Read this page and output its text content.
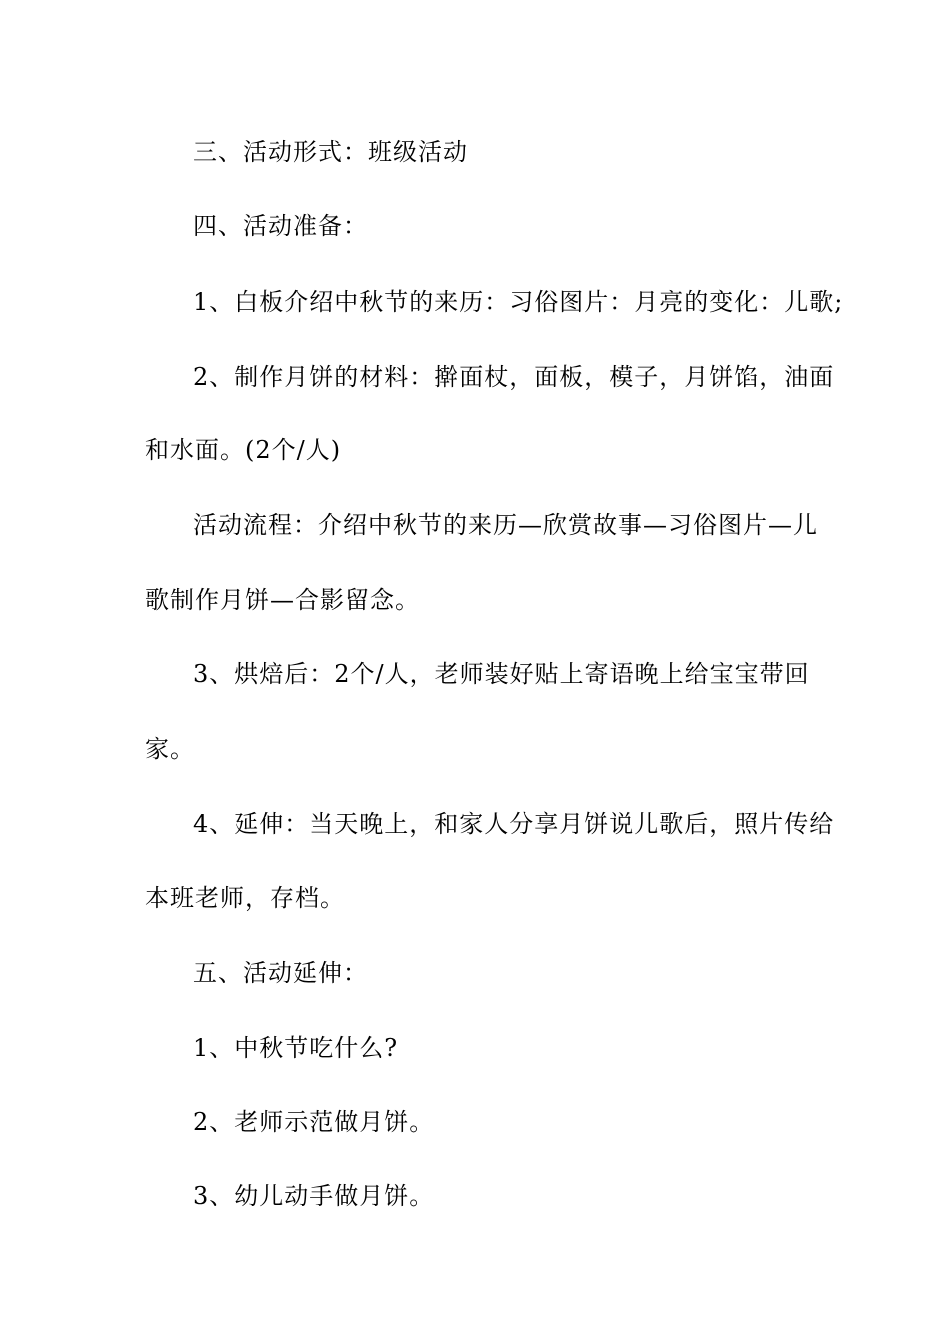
三、活动形式：班级活动
四、活动准备：
1、白板介绍中秋节的来历：习俗图片：月亮的变化：儿歌;
2、制作月饼的材料：擀面杖，面板，模子，月饼馅，油面
和水面。(2个/人)
活动流程：介绍中秋节的来历—欣赏故事—习俗图片—儿
歌制作月饼—合影留念。
3、烘焙后：2个/人，老师装好贴上寄语晚上给宝宝带回
家。
4、延伸：当天晚上，和家人分享月饼说儿歌后，照片传给
本班老师，存档。
五、活动延伸：
1、中秋节吃什么?
2、老师示范做月饼。
3、幼儿动手做月饼。
